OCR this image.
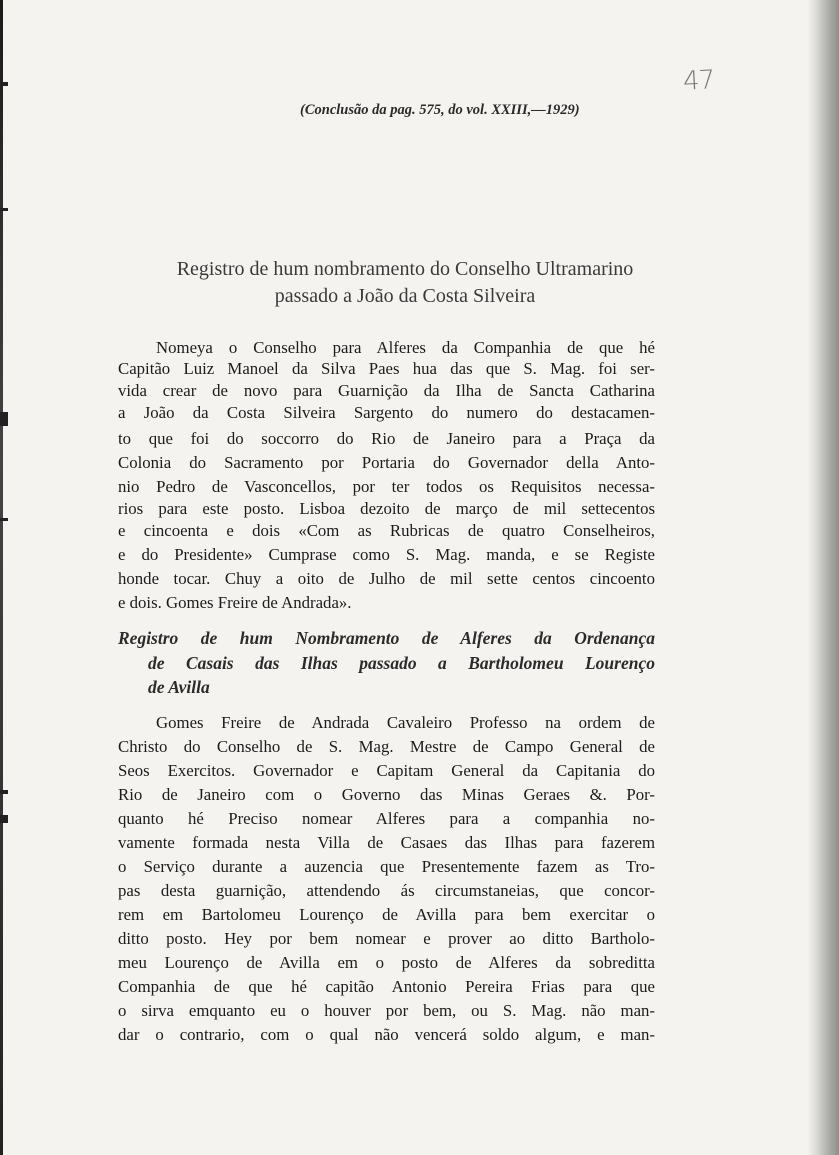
47
(Conclusão da pag. 575, do vol. XXIII,—1929)
Registro de hum nombramento do Conselho Ultramarino
passado a João da Costa Silveira
Nomeya o Conselho para Alferes da Companhia de que hé
Capitão Luiz Manoel da Silva Paes hua das que S. Mag. foi ser-
vida crear de novo para Guarnição da Ilha de Sancta Catharina
a João da Costa Silveira Sargento do numero do destacamen-
to que foi do soccorro do Rio de Janeiro para a Praça da
Colonia do Sacramento por Portaria do Governador della Anto-
nio Pedro de Vasconcellos, por ter todos os Requisitos necessa-
rios para este posto. Lisboa dezoito de março de mil settecentos
e cincoenta e dois «Com as Rubricas de quatro Conselheiros,
e do Presidente» Cumprase como S. Mag. manda, e se Registe
honde tocar. Chuy a oito de Julho de mil sette centos cincoento
e dois. Gomes Freire de Andrada».
Registro de hum Nombramento de Alferes da Ordenança
de Casais das Ilhas passado a Bartholomeu Lourenço
de Avilla
Gomes Freire de Andrada Cavaleiro Professo na ordem de
Christo do Conselho de S. Mag. Mestre de Campo General de
Seos Exercitos. Governador e Capitam General da Capitania do
Rio de Janeiro com o Governo das Minas Geraes &. Por-
quanto hé Preciso nomear Alferes para a companhia no-
vamente formada nesta Villa de Casaes das Ilhas para fazerem
o Serviço durante a auzencia que Presentemente fazem as Tro-
pas desta guarnição, attendendo ás circumstaneias, que concor-
rem em Bartolomeu Lourenço de Avilla para bem exercitar o
ditto posto. Hey por bem nomear e prover ao ditto Bartholo-
meu Lourenço de Avilla em o posto de Alferes da sobreditta
Companhia de que hé capitão Antonio Pereira Frias para que
o sirva emquanto eu o houver por bem, ou S. Mag. não man-
dar o contrario, com o qual não vencerá soldo algum, e man-
